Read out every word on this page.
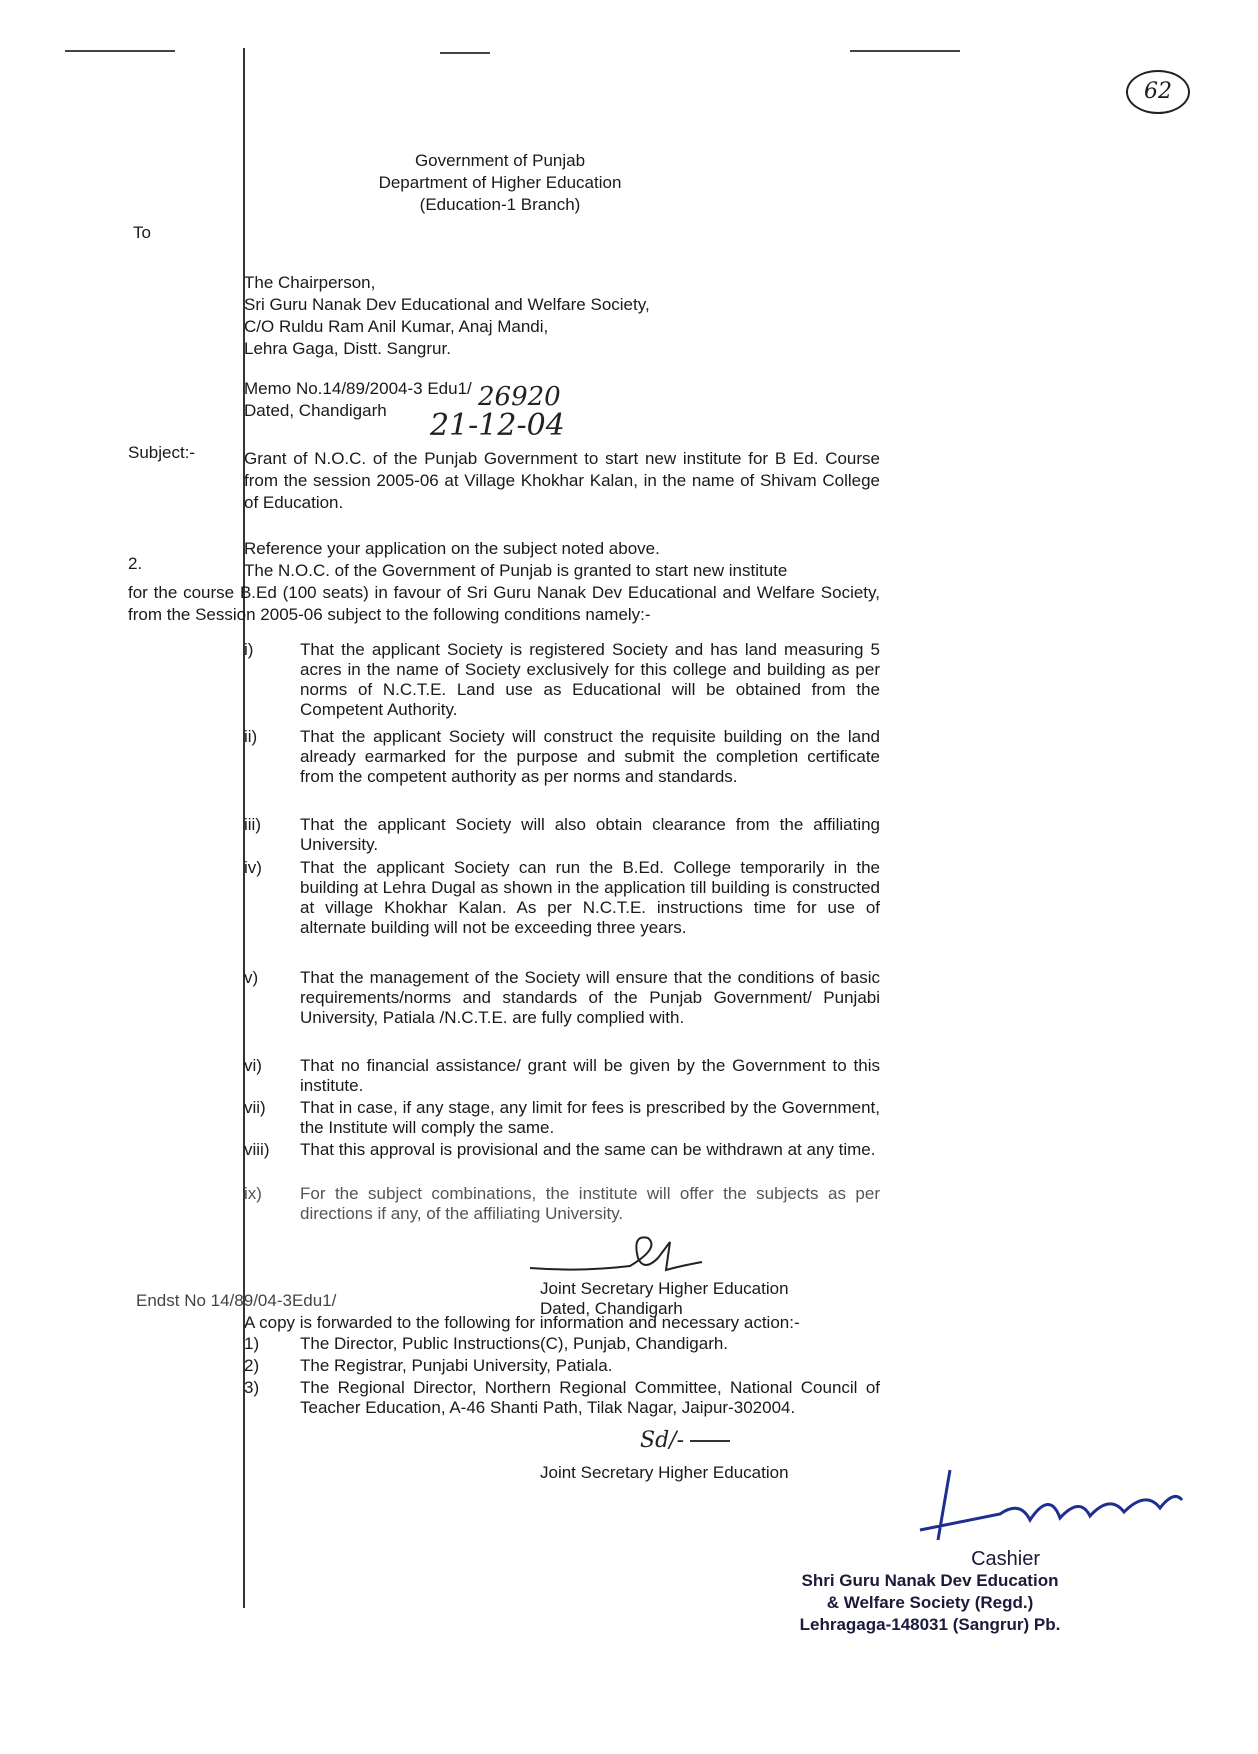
62
Government of Punjab
Department of Higher Education
(Education-1 Branch)
To
The Chairperson,
Sri Guru Nanak Dev Educational and Welfare Society,
C/O Ruldu Ram Anil Kumar, Anaj Mandi,
Lehra Gaga, Distt. Sangrur.
Memo No.14/89/2004-3 Edu1/ 26920
Dated, Chandigarh 21-12-04
Subject:-	Grant of N.O.C. of the Punjab Government to start new institute for B Ed. Course from the session 2005-06 at Village Khokhar Kalan, in the name of Shivam College of Education.
Reference your application on the subject noted above.
2.	The N.O.C. of the Government of Punjab is granted to start new institute
for the course B.Ed (100 seats) in favour of Sri Guru Nanak Dev Educational and Welfare Society, from the Session 2005-06 subject to the following conditions namely:-
i)	That the applicant Society is registered Society and has land measuring 5 acres in the name of Society exclusively for this college and building as per norms of N.C.T.E. Land use as Educational will be obtained from the Competent Authority.
ii)	That the applicant Society will construct the requisite building on the land already earmarked for the purpose and submit the completion certificate from the competent authority as per norms and standards.
iii) That the applicant Society will also obtain clearance from the affiliating University.
iv) That the applicant Society can run the B.Ed. College temporarily in the building at Lehra Dugal as shown in the application till building is constructed at village Khokhar Kalan. As per N.C.T.E. instructions time for use of alternate building will not be exceeding three years.
v) That the management of the Society will ensure that the conditions of basic requirements/norms and standards of the Punjab Government/ Punjabi University, Patiala /N.C.T.E. are fully complied with.
vi) That no financial assistance/ grant will be given by the Government to this institute.
vii) That in case, if any stage, any limit for fees is prescribed by the Government, the Institute will comply the same.
viii) That this approval is provisional and the same can be withdrawn at any time.
ix) For the subject combinations, the institute will offer the subjects as per directions if any, of the affiliating University.
Joint Secretary Higher Education
Endst No 14/89/04-3Edu1/	Dated, Chandigarh
A copy is forwarded to the following for information and necessary action:-
1) The Director, Public Instructions(C), Punjab, Chandigarh.
2) The Registrar, Punjabi University, Patiala.
3) The Regional Director, Northern Regional Committee, National Council of Teacher Education, A-46 Shanti Path, Tilak Nagar, Jaipur-302004.
Sd/-
Joint Secretary Higher Education
Cashier
Shri Guru Nanak Dev Education
& Welfare Society (Regd.)
Lehragaga-148031 (Sangrur) Pb.
